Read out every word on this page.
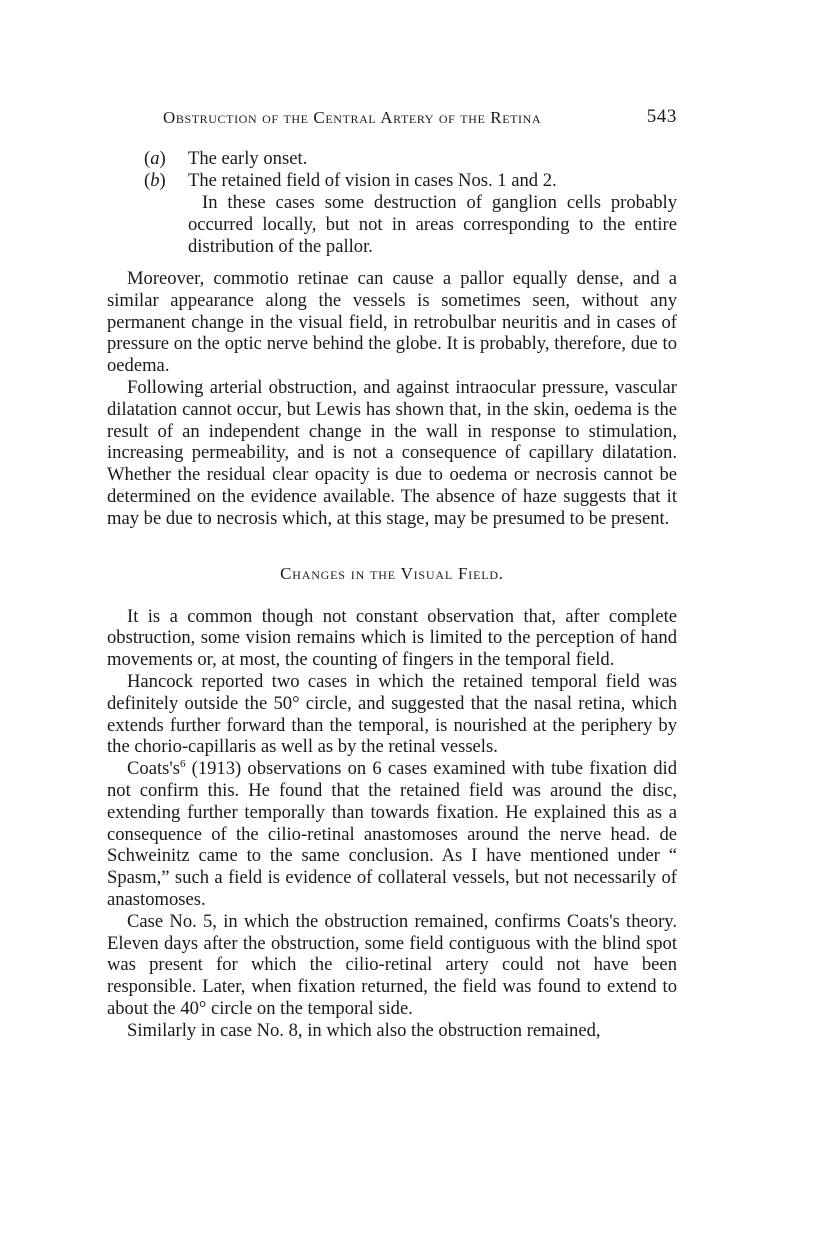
Obstruction of the Central Artery of the Retina	543
(a)	The early onset.
(b)	The retained field of vision in cases Nos. 1 and 2.
In these cases some destruction of ganglion cells probably occurred locally, but not in areas corresponding to the entire distribution of the pallor.

Moreover, commotio retinae can cause a pallor equally dense, and a similar appearance along the vessels is sometimes seen, without any permanent change in the visual field, in retrobulbar neuritis and in cases of pressure on the optic nerve behind the globe. It is probably, therefore, due to oedema.

Following arterial obstruction, and against intraocular pressure, vascular dilatation cannot occur, but Lewis has shown that, in the skin, oedema is the result of an independent change in the wall in response to stimulation, increasing permeability, and is not a consequence of capillary dilatation. Whether the residual clear opacity is due to oedema or necrosis cannot be determined on the evidence available. The absence of haze suggests that it may be due to necrosis which, at this stage, may be presumed to be present.

Changes in the Visual Field.

It is a common though not constant observation that, after complete obstruction, some vision remains which is limited to the perception of hand movements or, at most, the counting of fingers in the temporal field.

Hancock reported two cases in which the retained temporal field was definitely outside the 50° circle, and suggested that the nasal retina, which extends further forward than the temporal, is nourished at the periphery by the chorio-capillaris as well as by the retinal vessels.

$Coats's^6$ (1913) observations on 6 cases examined with tube fixation did not confirm this. He found that the retained field was around the disc, extending further temporally than towards fixation. He explained this as a consequence of the cilio-retinal anastomoses around the nerve head. de Schweinitz came to the same conclusion. As I have mentioned under “ Spasm,” such a field is evidence of collateral vessels, but not necessarily of anastomoses.

Case No. 5, in which the obstruction remained, confirms Coats's theory. Eleven days after the obstruction, some field contiguous with the blind spot was present for which the cilio-retinal artery could not have been responsible. Later, when fixation returned, the field was found to extend to about the 40° circle on the temporal side.

Similarly in case No. 8, in which also the obstruction remained,
